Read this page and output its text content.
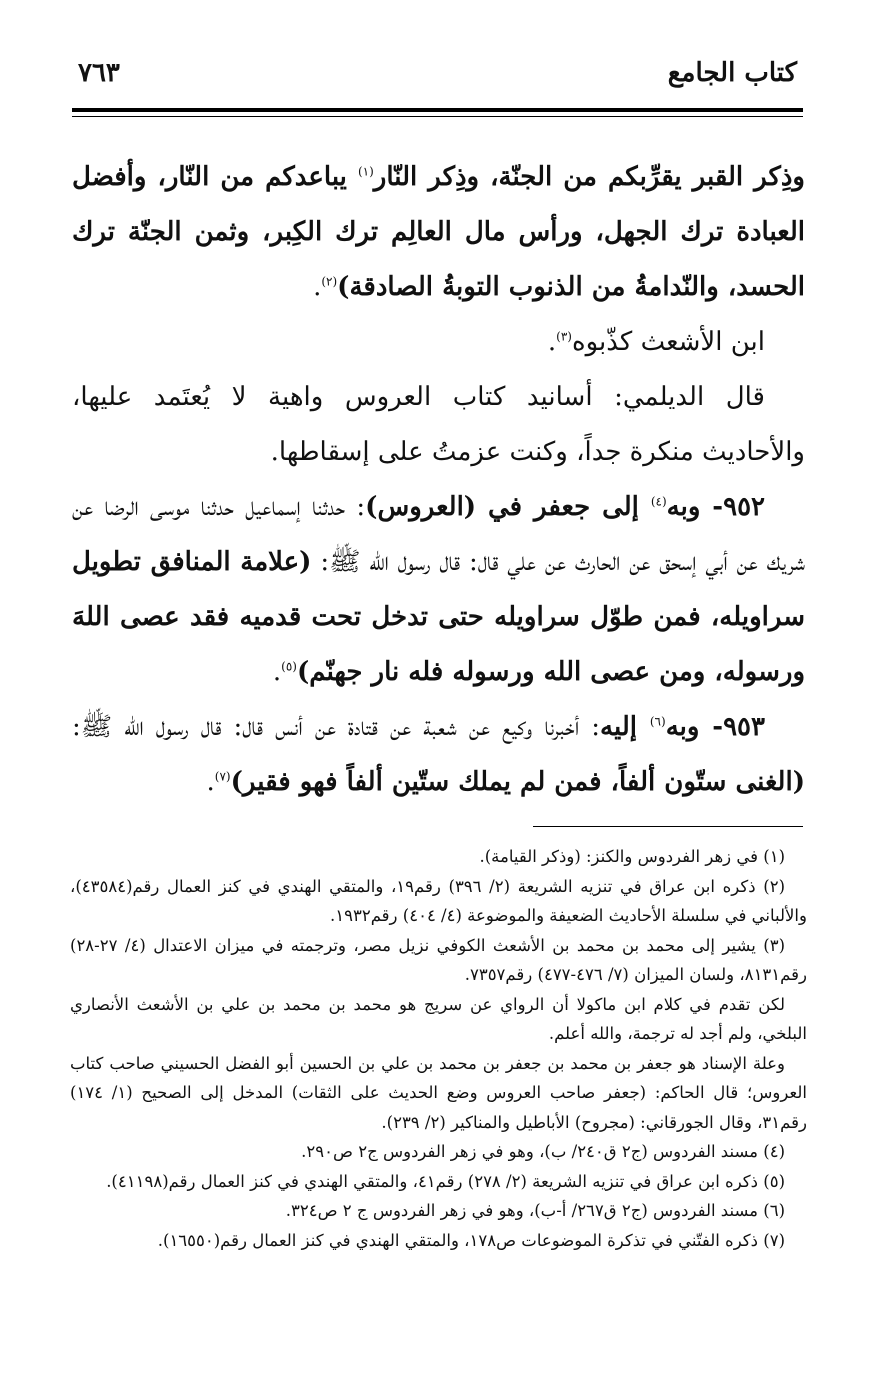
كتاب الجامع
٧٦٣

وذِكر القبر يقرِّبكم من الجنّة، وذِكر النّار$^{(١)}$ يباعدكم من النّار، وأفضل العبادة ترك الجهل، ورأس مال العالِم ترك الكِبر، وثمن الجنّة ترك الحسد، والنّدامةُ من الذنوب التوبةُ الصادقة)$^{(٢)}$.

ابن الأشعث كذّبوه$^{(٣)}$.

قال الديلمي: أسانيد كتاب العروس واهية لا يُعتَمد عليها، والأحاديث منكرة جداً، وكنت عزمتُ على إسقاطها.

٩٥٢- وبه$^{(٤)}$ إلى جعفر في (العروس): حدثنا إسماعيل حدثنا موسى الرضا عن شريك عن أبي إسحق عن الحارث عن علي قال: قال رسول الله ﷺ: (علامة المنافق تطويل سراويله، فمن طوّل سراويله حتى تدخل تحت قدميه فقد عصى اللهَ ورسوله، ومن عصى الله ورسوله فله نار جهنّم)$^{(٥)}$.

٩٥٣- وبه$^{(٦)}$ إليه: أخبرنا وكيع عن شعبة عن قتادة عن أنس قال: قال رسول الله ﷺ: (الغنى ستّون ألفاً، فمن لم يملك ستّين ألفاً فهو فقير)$^{(٧)}$.

(١) في زهر الفردوس والكنز: (وذكر القيامة).

(٢) ذكره ابن عراق في تنزيه الشريعة (٢/ ٣٩٦) رقم١٩، والمتقي الهندي في كنز العمال رقم(٤٣٥٨٤)، والألباني في سلسلة الأحاديث الضعيفة والموضوعة (٤/ ٤٠٤) رقم١٩٣٢.

(٣) يشير إلى محمد بن محمد بن الأشعث الكوفي نزيل مصر، وترجمته في ميزان الاعتدال (٤/ ٢٧-٢٨) رقم٨١٣١، ولسان الميزان (٧/ ٤٧٦-٤٧٧) رقم٧٣٥٧.

لكن تقدم في كلام ابن ماكولا أن الرواي عن سريج هو محمد بن محمد بن علي بن الأشعث الأنصاري البلخي، ولم أجد له ترجمة، والله أعلم.

وعلة الإسناد هو جعفر بن محمد بن جعفر بن محمد بن علي بن الحسين أبو الفضل الحسيني صاحب كتاب العروس؛ قال الحاكم: (جعفر صاحب العروس وضع الحديث على الثقات) المدخل إلى الصحيح (١/ ١٧٤) رقم٣١، وقال الجورقاني: (مجروح) الأباطيل والمناكير (٢/ ٢٣٩).

(٤) مسند الفردوس (ج٢ ق٢٤٠/ ب)، وهو في زهر الفردوس ج٢ ص٢٩٠.

(٥) ذكره ابن عراق في تنزيه الشريعة (٢/ ٢٧٨) رقم٤١، والمتقي الهندي في كنز العمال رقم(٤١١٩٨).

(٦) مسند الفردوس (ج٢ ق٢٦٧/ أ-ب)، وهو في زهر الفردوس ج ٢ ص٣٢٤.

(٧) ذكره الفتّني في تذكرة الموضوعات ص١٧٨، والمتقي الهندي في كنز العمال رقم(١٦٥٥٠).
